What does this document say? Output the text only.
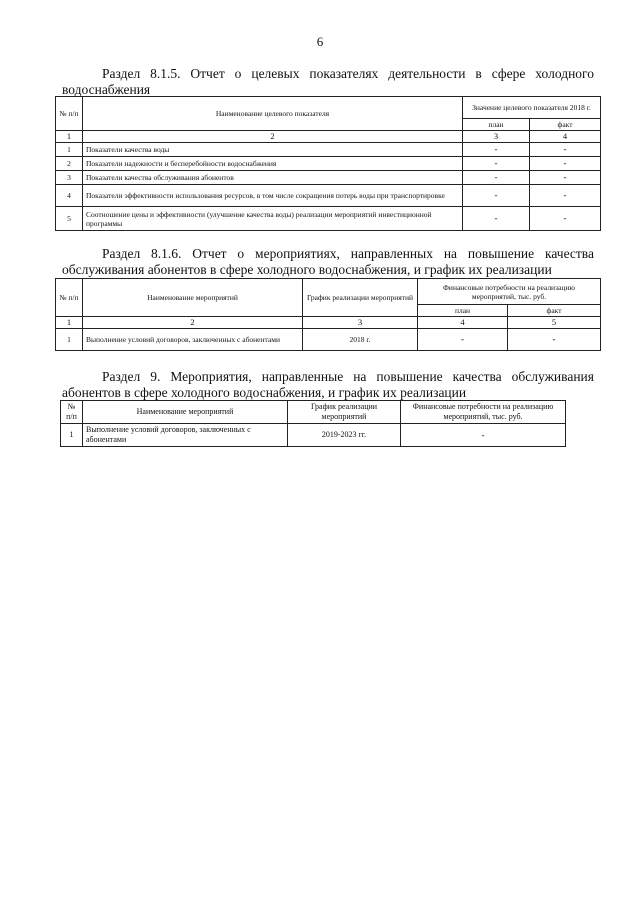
6
Раздел 8.1.5. Отчет о целевых показателях деятельности в сфере холодного водоснабжения
№ п/п	Наименование целевого показателя	Значение целевого показателя 2018 г.	
		план	факт
1	2	3	4
1	Показатели качества воды	-	-
2	Показатели надежности и бесперебойности водоснабжения	-	-
3	Показатели качества обслуживания абонентов	-	-
4	Показатели эффективности использования ресурсов, в том числе сокращения потерь воды при транспортировке	-	-
5	Соотношение цены и эффективности (улучшение качества воды) реализации мероприятий инвестиционной программы	-	-
Раздел 8.1.6. Отчет о мероприятиях, направленных на повышение качества обслуживания абонентов в сфере холодного водоснабжения, и график их реализации
№ п/п	Наименование мероприятий	График реализации мероприятий	Финансовые потребности на реализацию мероприятий, тыс. руб.	
			план	факт
1	2	3	4	5
1	Выполнение условий договоров, заключенных с абонентами	2018 г.	-	-
Раздел 9. Мероприятия, направленные на повышение качества обслуживания абонентов в сфере холодного водоснабжения, и график их реализации
№ п/п	Наименование мероприятий	График реализации мероприятий	Финансовые потребности на реализацию мероприятий, тыс. руб.
1	Выполнение условий договоров, заключенных с абонентами	2019-2023 гг.	-
